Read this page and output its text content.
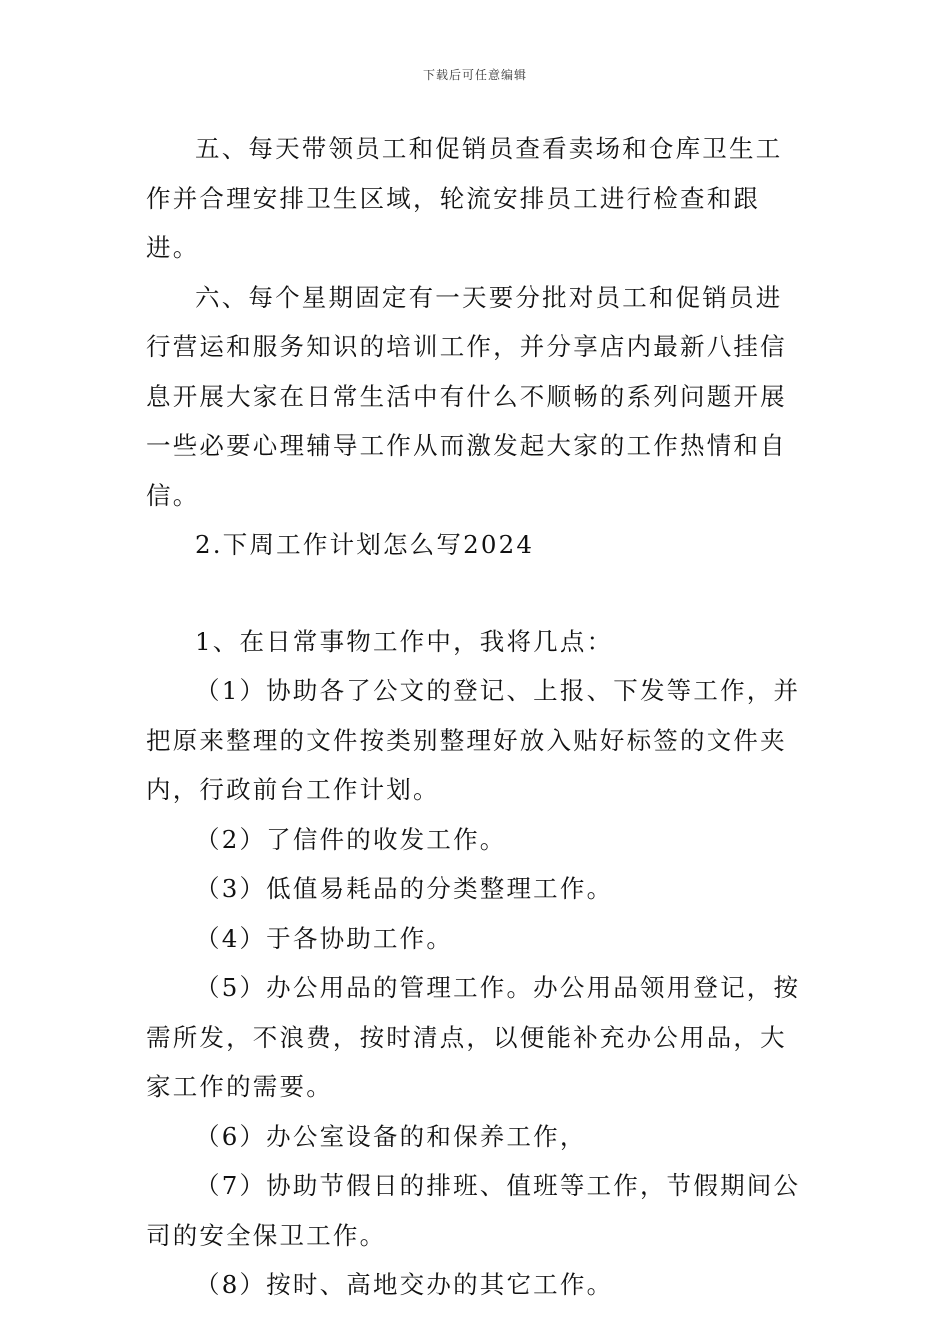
下载后可任意编辑

五、每天带领员工和促销员查看卖场和仓库卫生工作并合理安排卫生区域，轮流安排员工进行检查和跟进。

六、每个星期固定有一天要分批对员工和促销员进行营运和服务知识的培训工作，并分享店内最新八挂信息开展大家在日常生活中有什么不顺畅的系列问题开展一些必要心理辅导工作从而激发起大家的工作热情和自信。

2.下周工作计划怎么写2024

1、在日常事物工作中，我将几点：

（1）协助各了公文的登记、上报、下发等工作，并把原来整理的文件按类别整理好放入贴好标签的文件夹内，行政前台工作计划。

（2）了信件的收发工作。

（3）低值易耗品的分类整理工作。

（4）于各协助工作。

（5）办公用品的管理工作。办公用品领用登记，按需所发，不浪费，按时清点，以便能补充办公用品，大家工作的需要。

（6）办公室设备的和保养工作，

（7）协助节假日的排班、值班等工作，节假期间公司的安全保卫工作。

（8）按时、高地交办的其它工作。
